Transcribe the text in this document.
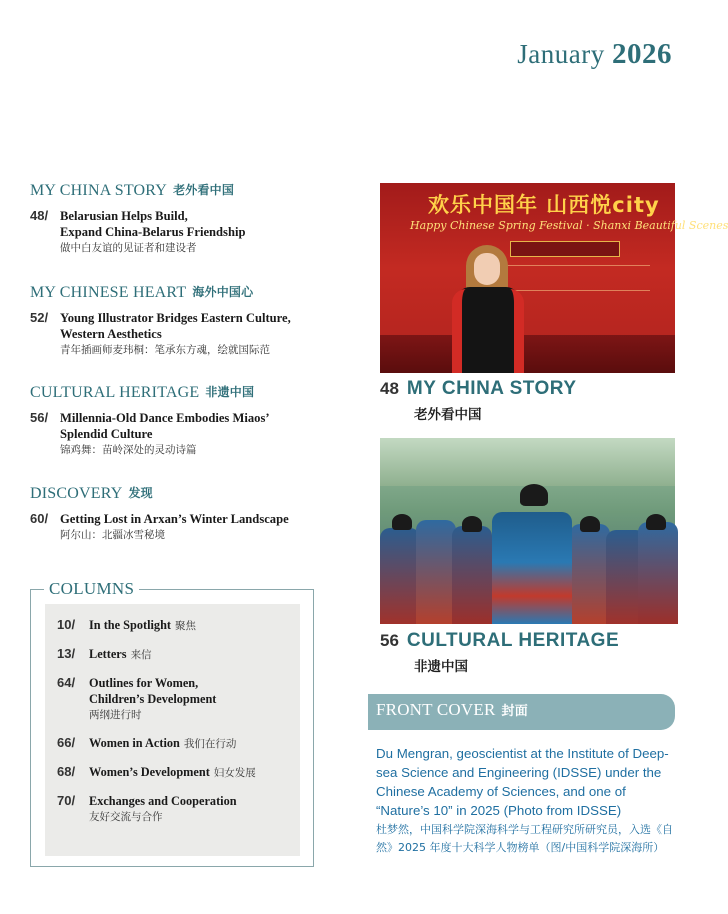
January 2026
MY CHINA STORY 老外看中国
48/ Belarusian Helps Build,
Expand China-Belarus Friendship
做中白友谊的见证者和建设者
MY CHINESE HEART 海外中国心
52/ Young Illustrator Bridges Eastern Culture,
Western Aesthetics
青年插画师麦玮桐：笔承东方魂，绘就国际范
CULTURAL HERITAGE 非遗中国
56/ Millennia-Old Dance Embodies Miaos’
Splendid Culture
锦鸡舞：苗岭深处的灵动诗篇
DISCOVERY 发现
60/ Getting Lost in Arxan’s Winter Landscape
阿尔山：北疆冰雪秘境
COLUMNS
10/	In the Spotlight 聚焦
13/	Letters 来信
64/	Outlines for Women,
Children’s Development
两纲进行时
66/	Women in Action 我们在行动
68/	Women’s Development 妇女发展
70/	Exchanges and Cooperation
友好交流与合作
欢乐中国年 山西悦city
Happy Chinese Spring Festival · Shanxi Beautiful Scenes
48 MY CHINA STORY
老外看中国
56 CULTURAL HERITAGE
非遗中国
FRONT COVER 封面
Du Mengran, geoscientist at the Institute of Deep-sea Science and Engineering (IDSSE) under the Chinese Academy of Sciences, and one of “Nature’s 10” in 2025 (Photo from IDSSE)
杜梦然，中国科学院深海科学与工程研究所研究员，入选《自然》2025 年度十大科学人物榜单（图/中国科学院深海所）
